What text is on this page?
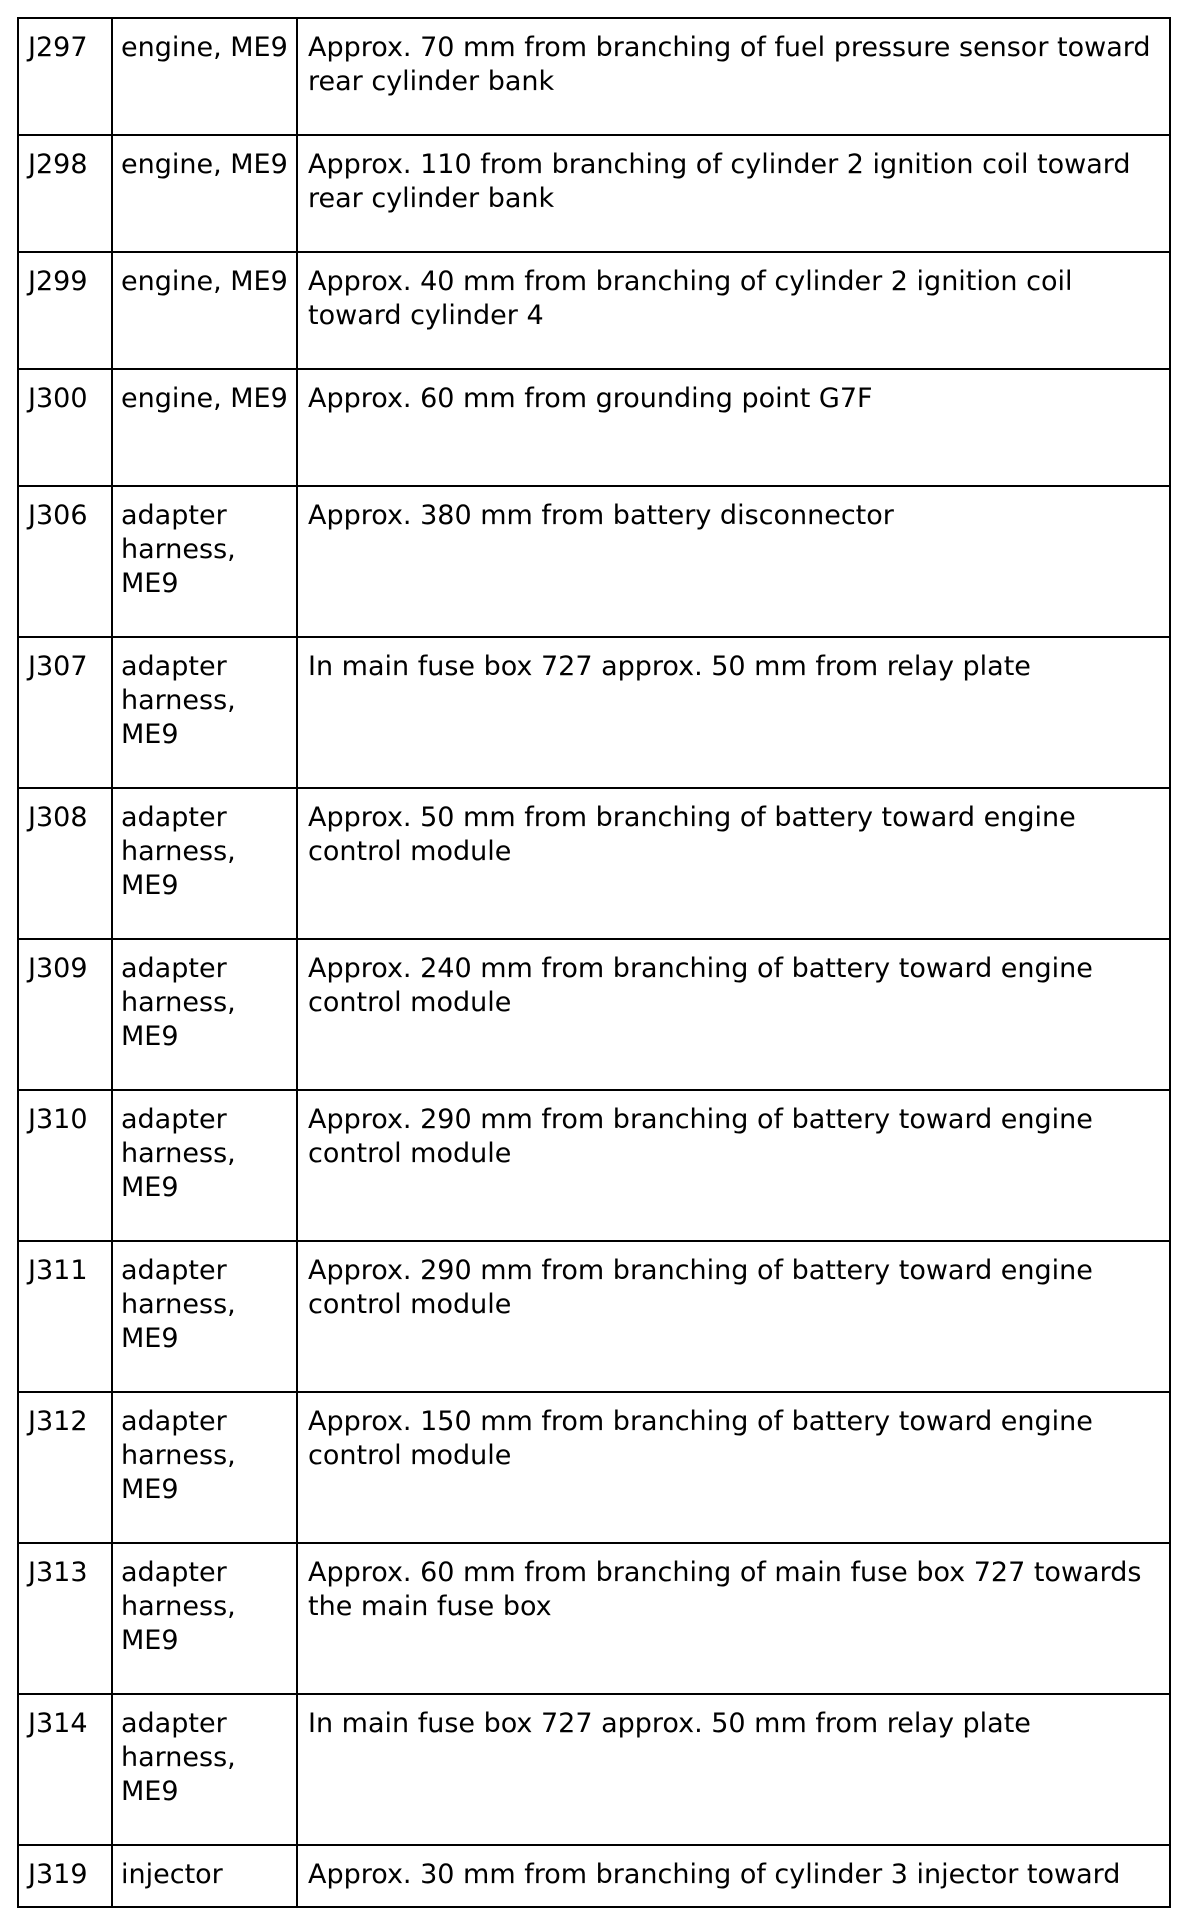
J297	engine, ME9	Approx. 70 mm from branching of fuel pressure sensor toward rear cylinder bank
J298	engine, ME9	Approx. 110 from branching of cylinder 2 ignition coil toward rear cylinder bank
J299	engine, ME9	Approx. 40 mm from branching of cylinder 2 ignition coil toward cylinder 4
J300	engine, ME9	Approx. 60 mm from grounding point G7F
J306	adapter harness, ME9	Approx. 380 mm from battery disconnector
J307	adapter harness, ME9	In main fuse box 727 approx. 50 mm from relay plate
J308	adapter harness, ME9	Approx. 50 mm from branching of battery toward engine control module
J309	adapter harness, ME9	Approx. 240 mm from branching of battery toward engine control module
J310	adapter harness, ME9	Approx. 290 mm from branching of battery toward engine control module
J311	adapter harness, ME9	Approx. 290 mm from branching of battery toward engine control module
J312	adapter harness, ME9	Approx. 150 mm from branching of battery toward engine control module
J313	adapter harness, ME9	Approx. 60 mm from branching of main fuse box 727 towards the main fuse box
J314	adapter harness, ME9	In main fuse box 727 approx. 50 mm from relay plate
J319	injector	Approx. 30 mm from branching of cylinder 3 injector toward
